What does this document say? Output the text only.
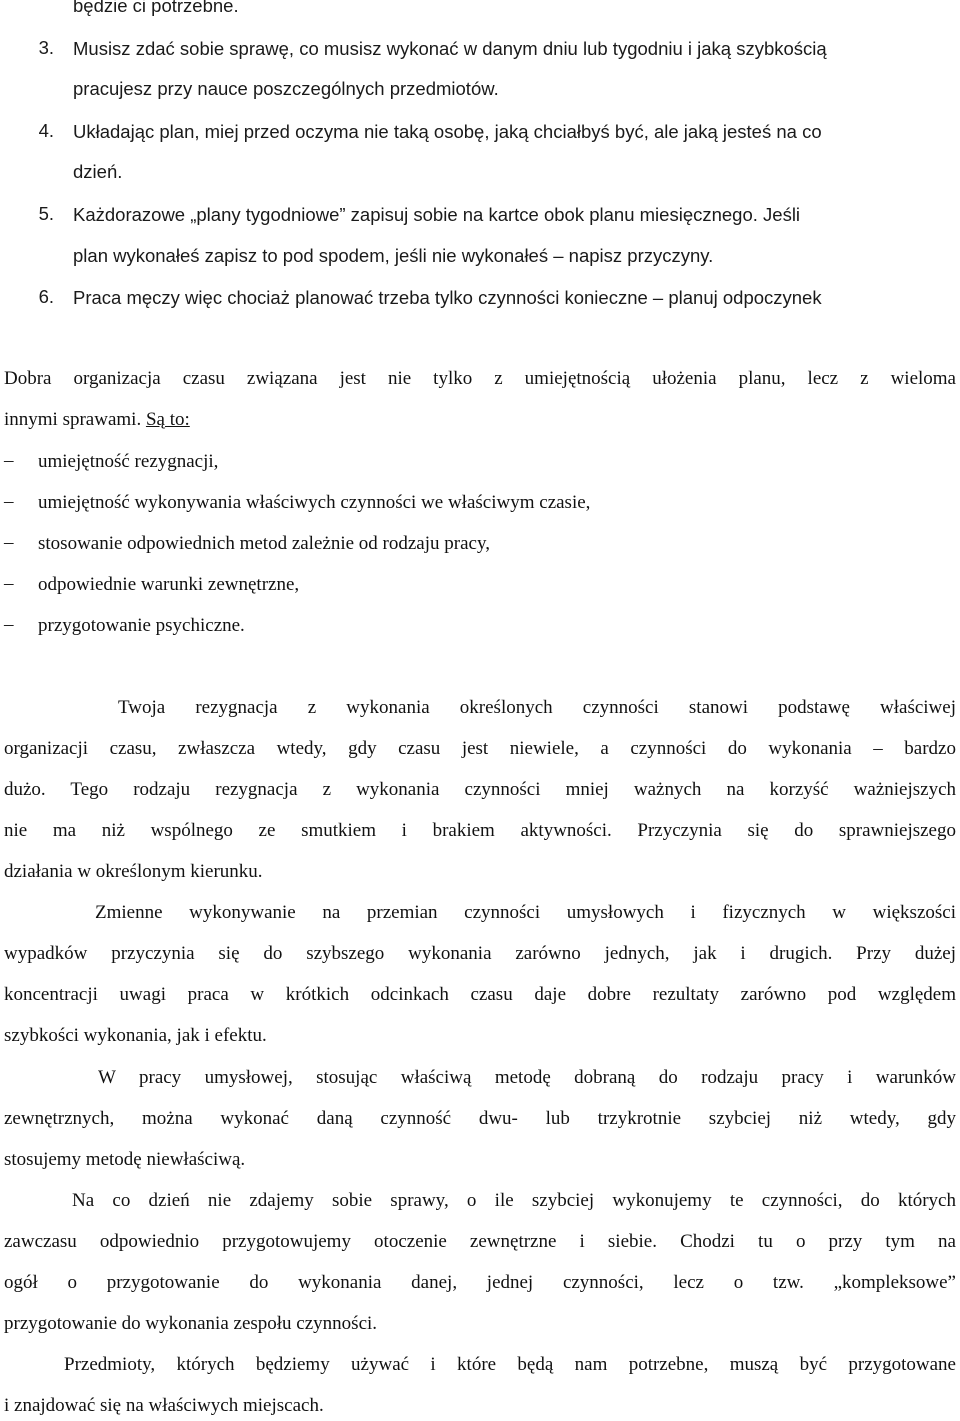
będzie ci potrzebne.
3. Musisz zdać sobie sprawę, co musisz wykonać w danym dniu lub tygodniu i jaką szybkością
pracujesz przy nauce poszczególnych przedmiotów.
4. Układając plan, miej przed oczyma nie taką osobę, jaką chciałbyś być, ale jaką jesteś na co
dzień.
5. Każdorazowe „plany tygodniowe” zapisuj sobie na kartce obok planu miesięcznego. Jeśli
plan wykonałeś zapisz to pod spodem, jeśli nie wykonałeś – napisz przyczyny.
6. Praca męczy więc chociaż planować trzeba tylko czynności konieczne – planuj odpoczynek
Dobra organizacja czasu związana jest nie tylko z umiejętnością ułożenia planu, lecz z wieloma
innymi sprawami. Są to:
–	umiejętność rezygnacji,
–	umiejętność wykonywania właściwych czynności we właściwym czasie,
–	stosowanie odpowiednich metod zależnie od rodzaju pracy,
–	odpowiednie warunki zewnętrzne,
–	przygotowanie psychiczne.
Twoja rezygnacja z wykonania określonych czynności stanowi podstawę właściwej
organizacji czasu, zwłaszcza wtedy, gdy czasu jest niewiele, a czynności do wykonania – bardzo
dużo. Tego rodzaju rezygnacja z wykonania czynności mniej ważnych na korzyść ważniejszych
nie ma niż wspólnego ze smutkiem i brakiem aktywności. Przyczynia się do sprawniejszego
działania w określonym kierunku.
Zmienne wykonywanie na przemian czynności umysłowych i fizycznych w większości
wypadków przyczynia się do szybszego wykonania zarówno jednych, jak i drugich. Przy dużej
koncentracji uwagi praca w krótkich odcinkach czasu daje dobre rezultaty zarówno pod względem
szybkości wykonania, jak i efektu.
W pracy umysłowej, stosując właściwą metodę dobraną do rodzaju pracy i warunków
zewnętrznych, można wykonać daną czynność dwu- lub trzykrotnie szybciej niż wtedy, gdy
stosujemy metodę niewłaściwą.
Na co dzień nie zdajemy sobie sprawy, o ile szybciej wykonujemy te czynności, do których
zawczasu odpowiednio przygotowujemy otoczenie zewnętrzne i siebie. Chodzi tu o przy tym na
ogół o przygotowanie do wykonania danej, jednej czynności, lecz o tzw. „kompleksowe”
przygotowanie do wykonania zespołu czynności.
Przedmioty, których będziemy używać i które będą nam potrzebne, muszą być przygotowane
i znajdować się na właściwych miejscach.
